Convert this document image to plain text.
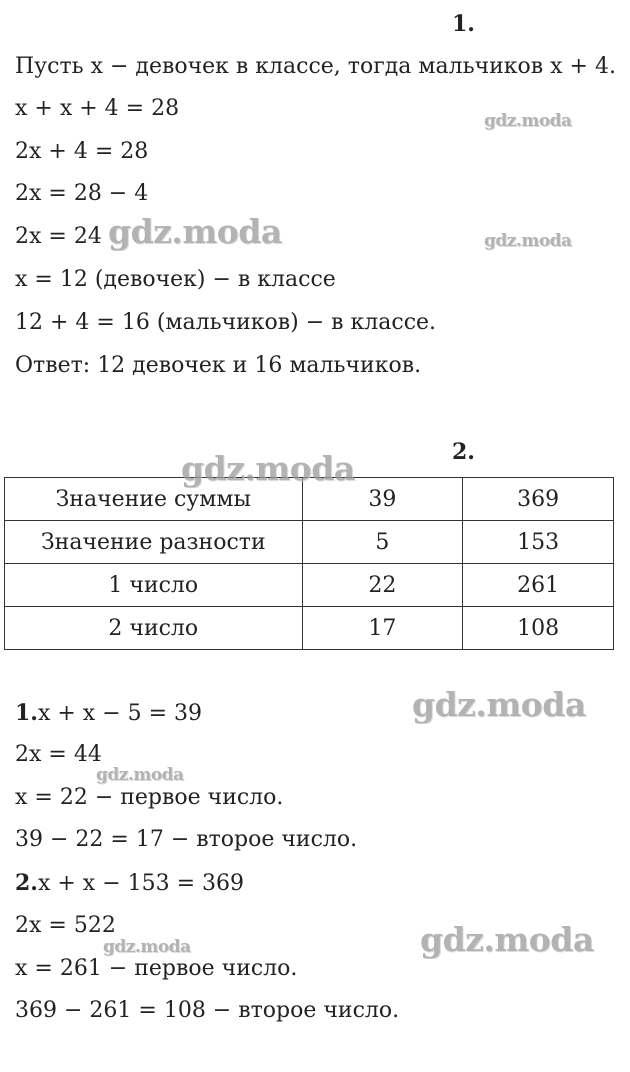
1.
Пусть x − девочек в классе, тогда мальчиков x + 4.
x + x + 4 = 28
2x + 4 = 28
2x = 28 − 4
2x = 24
x = 12 (девочек) − в классе
12 + 4 = 16 (мальчиков) − в классе.
Ответ: 12 девочек и 16 мальчиков.
2.
Значение суммы	39	369
Значение разности	5	153
1 число	22	261
2 число	17	108
1.x + x − 5 = 39
2x = 44
x = 22 − первое число.
39 − 22 = 17 − второе число.
2.x + x − 153 = 369
2x = 522
x = 261 − первое число.
369 − 261 = 108 − второе число.
gdz.moda
gdz.moda	gdz.moda
gdz.moda
gdz.moda
gdz.moda
gdz.moda
gdz.moda
